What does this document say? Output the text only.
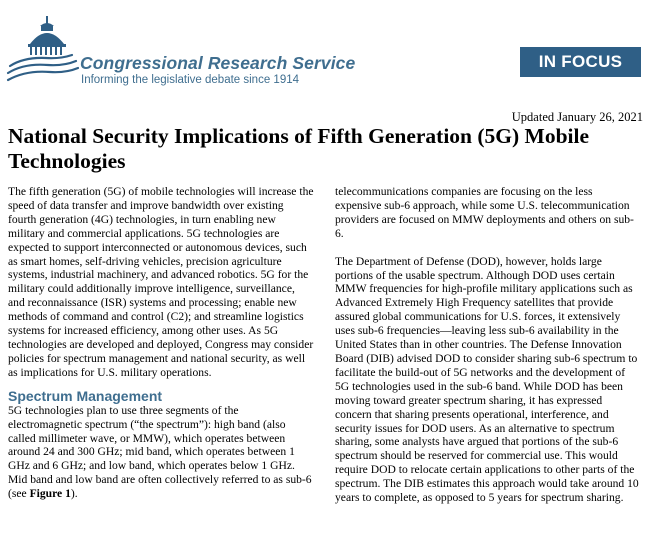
Congressional Research Service
Informing the legislative debate since 1914
IN FOCUS
Updated January 26, 2021
National Security Implications of Fifth Generation (5G) Mobile Technologies

The fifth generation (5G) of mobile technologies will increase the speed of data transfer and improve bandwidth over existing fourth generation (4G) technologies, in turn enabling new military and commercial applications. 5G technologies are expected to support interconnected or autonomous devices, such as smart homes, self-driving vehicles, precision agriculture systems, industrial machinery, and advanced robotics. 5G for the military could additionally improve intelligence, surveillance, and reconnaissance (ISR) systems and processing; enable new methods of command and control (C2); and streamline logistics systems for increased efficiency, among other uses. As 5G technologies are developed and deployed, Congress may consider policies for spectrum management and national security, as well as implications for U.S. military operations.

Spectrum Management

5G technologies plan to use three segments of the electromagnetic spectrum (“the spectrum”): high band (also called millimeter wave, or MMW), which operates between around 24 and 300 GHz; mid band, which operates between 1 GHz and 6 GHz; and low band, which operates below 1 GHz. Mid band and low band are often collectively referred to as sub-6 (see Figure 1).

telecommunications companies are focusing on the less expensive sub-6 approach, while some U.S. telecommunication providers are focused on MMW deployments and others on sub-6.

The Department of Defense (DOD), however, holds large portions of the usable spectrum. Although DOD uses certain MMW frequencies for high-profile military applications such as Advanced Extremely High Frequency satellites that provide assured global communications for U.S. forces, it extensively uses sub-6 frequencies—leaving less sub-6 availability in the United States than in other countries. The Defense Innovation Board (DIB) advised DOD to consider sharing sub-6 spectrum to facilitate the build-out of 5G networks and the development of 5G technologies used in the sub-6 band. While DOD has been moving toward greater spectrum sharing, it has expressed concern that sharing presents operational, interference, and security issues for DOD users. As an alternative to spectrum sharing, some analysts have argued that portions of the sub-6 spectrum should be reserved for commercial use. This would require DOD to relocate certain applications to other parts of the spectrum. The DIB estimates this approach would take around 10 years to complete, as opposed to 5 years for spectrum sharing.
